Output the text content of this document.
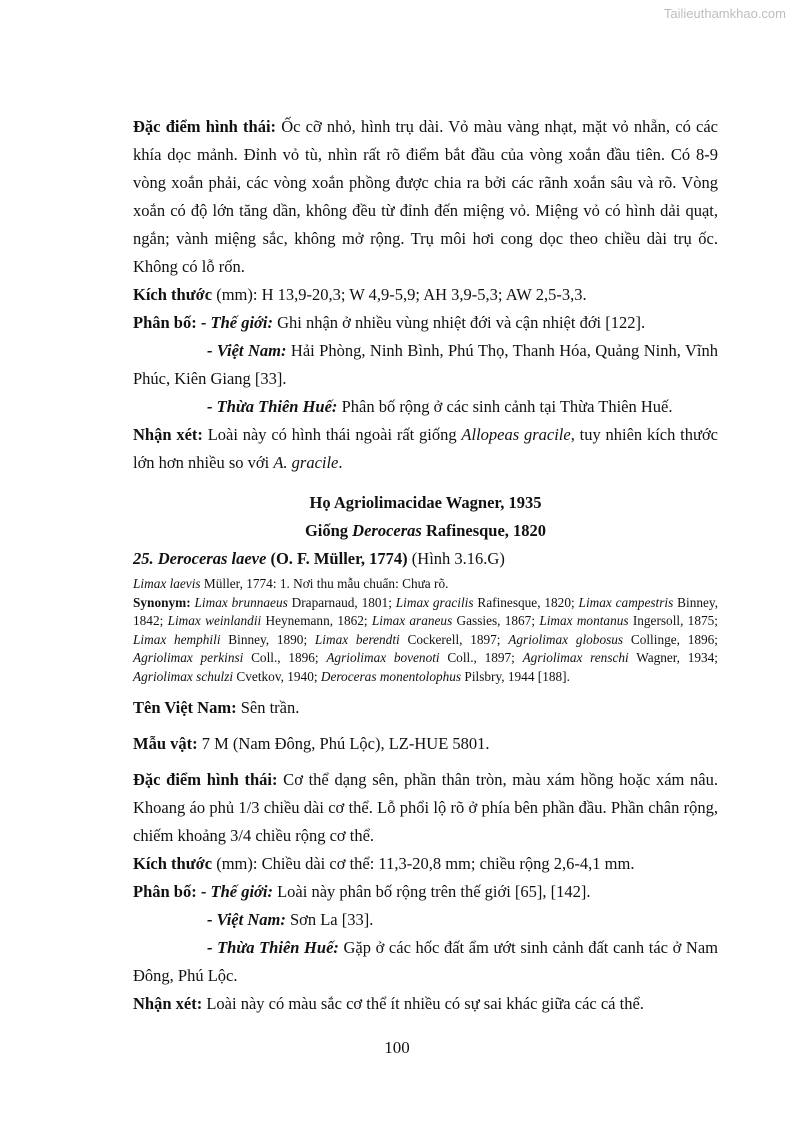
Tailieuthamkhao.com

Đặc điểm hình thái: Ốc cỡ nhỏ, hình trụ dài. Vỏ màu vàng nhạt, mặt vỏ nhẵn, có các khía dọc mảnh. Đỉnh vỏ tù, nhìn rất rõ điểm bắt đầu của vòng xoắn đầu tiên. Có 8-9 vòng xoắn phải, các vòng xoắn phồng được chia ra bởi các rãnh xoắn sâu và rõ. Vòng xoắn có độ lớn tăng dần, không đều từ đỉnh đến miệng vỏ. Miệng vỏ có hình dải quạt, ngắn; vành miệng sắc, không mở rộng. Trụ môi hơi cong dọc theo chiều dài trụ ốc. Không có lỗ rốn.

Kích thước (mm): H 13,9-20,3; W 4,9-5,9; AH 3,9-5,3; AW 2,5-3,3.

Phân bố: - Thế giới: Ghi nhận ở nhiều vùng nhiệt đới và cận nhiệt đới [122].

- Việt Nam: Hải Phòng, Ninh Bình, Phú Thọ, Thanh Hóa, Quảng Ninh, Vĩnh Phúc, Kiên Giang [33].

- Thừa Thiên Huế: Phân bố rộng ở các sinh cảnh tại Thừa Thiên Huế.

Nhận xét: Loài này có hình thái ngoài rất giống Allopeas gracile, tuy nhiên kích thước lớn hơn nhiều so với A. gracile.

Họ Agriolimacidae Wagner, 1935

Giống Deroceras Rafinesque, 1820

25. Deroceras laeve (O. F. Müller, 1774) (Hình 3.16.G)

Limax laevis Müller, 1774: 1. Nơi thu mẫu chuẩn: Chưa rõ.

Synonym: Limax brunnaeus Draparnaud, 1801; Limax gracilis Rafinesque, 1820; Limax campestris Binney, 1842; Limax weinlandii Heynemann, 1862; Limax araneus Gassies, 1867; Limax montanus Ingersoll, 1875; Limax hemphili Binney, 1890; Limax berendti Cockerell, 1897; Agriolimax globosus Collinge, 1896; Agriolimax perkinsi Coll., 1896; Agriolimax bovenoti Coll., 1897; Agriolimax renschi Wagner, 1934; Agriolimax schulzi Cvetkov, 1940; Deroceras monentolophus Pilsbry, 1944 [188].

Tên Việt Nam: Sên trần.

Mẫu vật: 7 M (Nam Đông, Phú Lộc), LZ-HUE 5801.

Đặc điểm hình thái: Cơ thể dạng sên, phần thân tròn, màu xám hồng hoặc xám nâu. Khoang áo phủ 1/3 chiều dài cơ thể. Lỗ phổi lộ rõ ở phía bên phần đầu. Phần chân rộng, chiếm khoảng 3/4 chiều rộng cơ thể.

Kích thước (mm): Chiều dài cơ thể: 11,3-20,8 mm; chiều rộng 2,6-4,1 mm.

Phân bố: - Thế giới: Loài này phân bố rộng trên thế giới [65], [142].

- Việt Nam: Sơn La [33].

- Thừa Thiên Huế: Gặp ở các hốc đất ẩm ướt sinh cảnh đất canh tác ở Nam Đông, Phú Lộc.

Nhận xét: Loài này có màu sắc cơ thể ít nhiều có sự sai khác giữa các cá thể.

100
